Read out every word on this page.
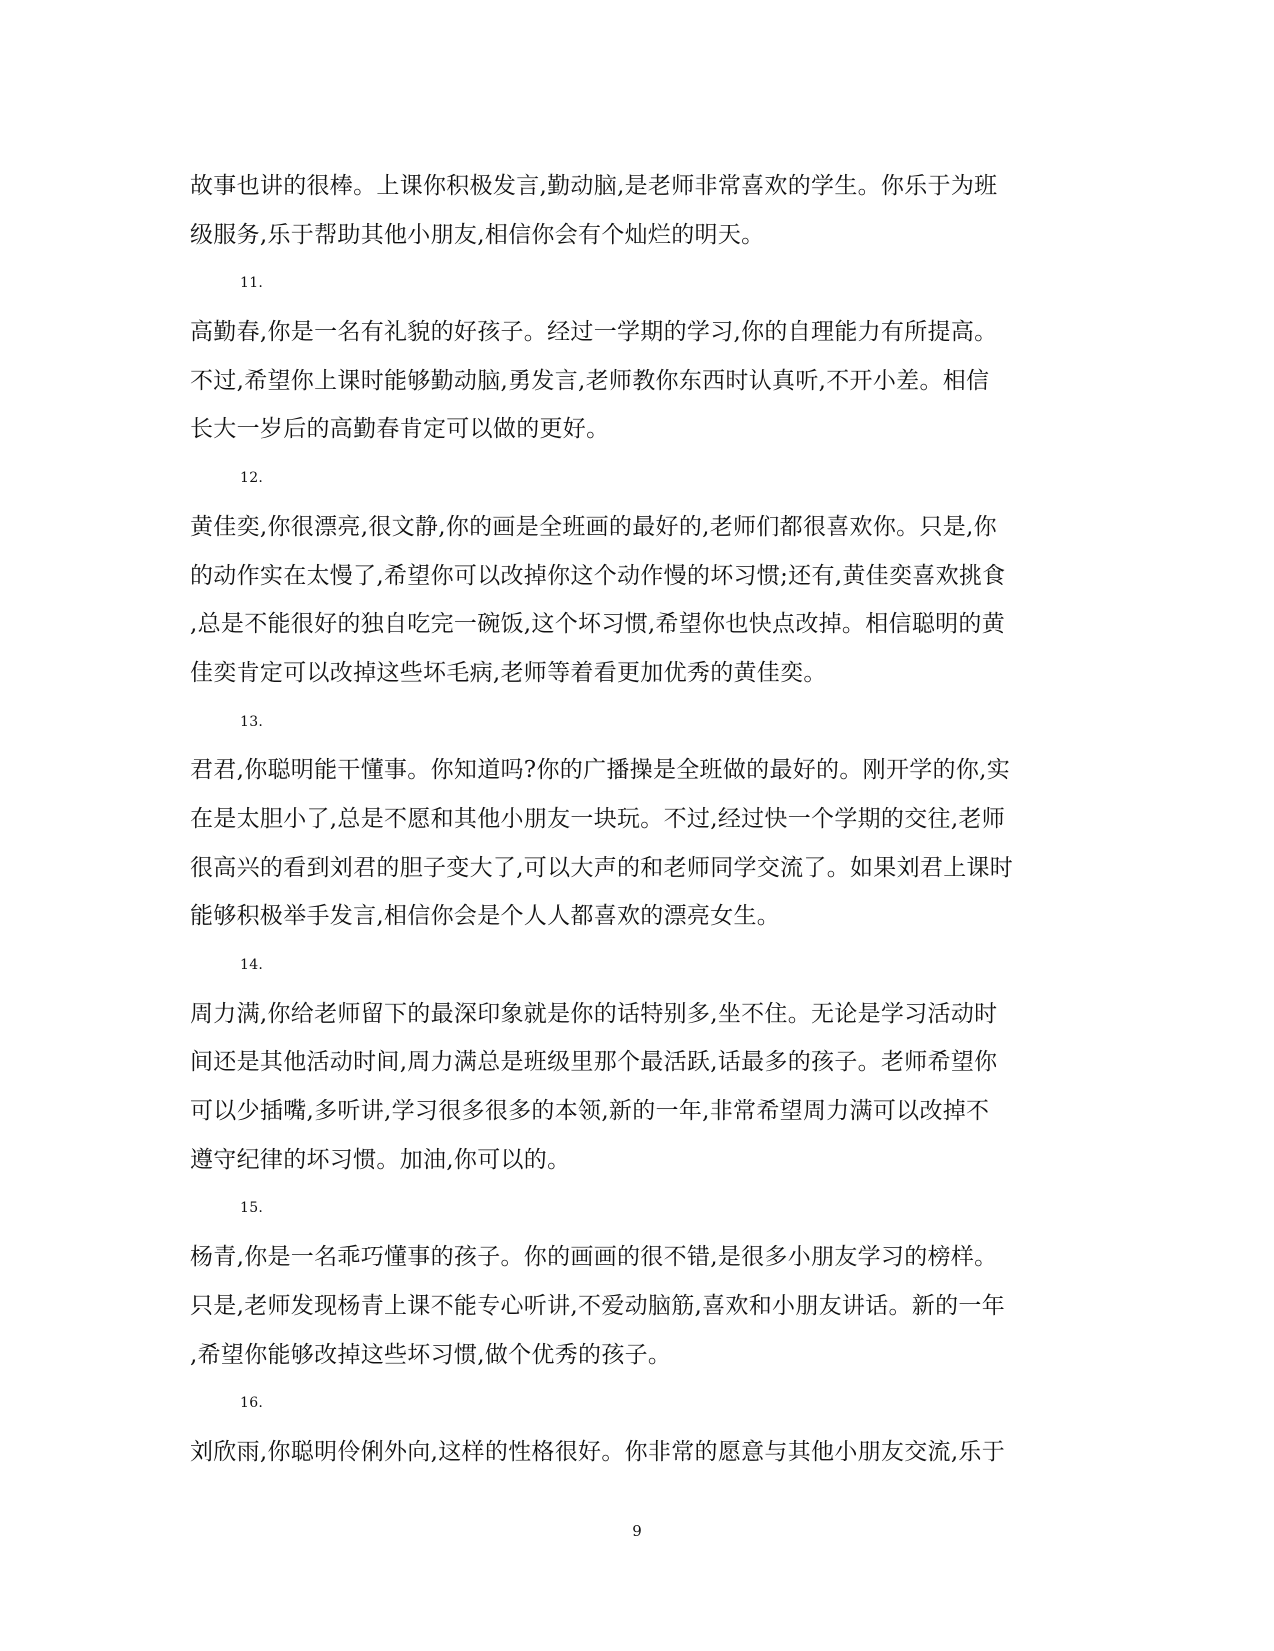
故事也讲的很棒。上课你积极发言,勤动脑,是老师非常喜欢的学生。你乐于为班
级服务,乐于帮助其他小朋友,相信你会有个灿烂的明天。
11.
高勤春,你是一名有礼貌的好孩子。经过一学期的学习,你的自理能力有所提高。
不过,希望你上课时能够勤动脑,勇发言,老师教你东西时认真听,不开小差。相信
长大一岁后的高勤春肯定可以做的更好。
12.
黄佳奕,你很漂亮,很文静,你的画是全班画的最好的,老师们都很喜欢你。只是,你
的动作实在太慢了,希望你可以改掉你这个动作慢的坏习惯;还有,黄佳奕喜欢挑食
,总是不能很好的独自吃完一碗饭,这个坏习惯,希望你也快点改掉。相信聪明的黄
佳奕肯定可以改掉这些坏毛病,老师等着看更加优秀的黄佳奕。
13.
君君,你聪明能干懂事。你知道吗?你的广播操是全班做的最好的。刚开学的你,实
在是太胆小了,总是不愿和其他小朋友一块玩。不过,经过快一个学期的交往,老师
很高兴的看到刘君的胆子变大了,可以大声的和老师同学交流了。如果刘君上课时
能够积极举手发言,相信你会是个人人都喜欢的漂亮女生。
14.
周力满,你给老师留下的最深印象就是你的话特别多,坐不住。无论是学习活动时
间还是其他活动时间,周力满总是班级里那个最活跃,话最多的孩子。老师希望你
可以少插嘴,多听讲,学习很多很多的本领,新的一年,非常希望周力满可以改掉不
遵守纪律的坏习惯。加油,你可以的。
15.
杨青,你是一名乖巧懂事的孩子。你的画画的很不错,是很多小朋友学习的榜样。
只是,老师发现杨青上课不能专心听讲,不爱动脑筋,喜欢和小朋友讲话。新的一年
,希望你能够改掉这些坏习惯,做个优秀的孩子。
16.
刘欣雨,你聪明伶俐外向,这样的性格很好。你非常的愿意与其他小朋友交流,乐于
9
